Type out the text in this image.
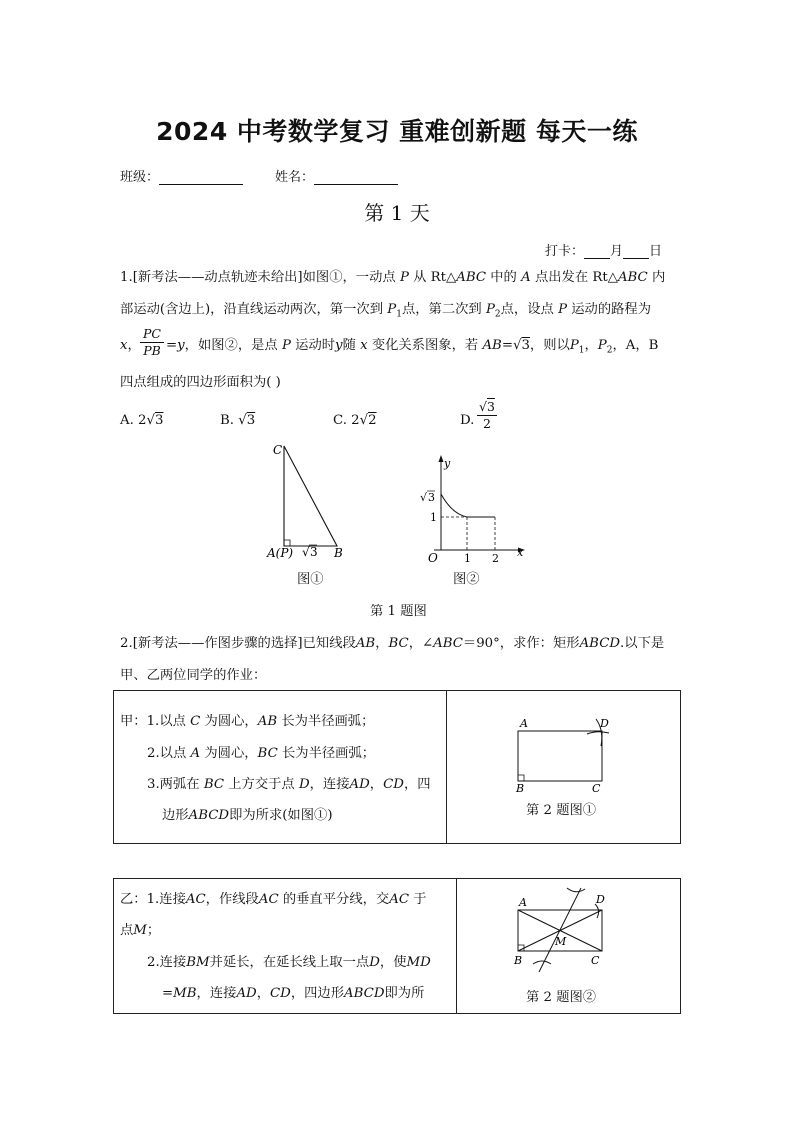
2024 中考数学复习 重难创新题 每天一练
班级：	姓名：
第 1 天
打卡： 月 日
1.[新考法——动点轨迹未给出]如图①，一动点 P 从 Rt△ABC 中的 A 点出发在 Rt△ABC 内
部运动(含边上)，沿直线运动两次，第一次到 $P_1$点，第二次到 $P_2$点，设点 P 运动的路程为
x，
PC
PB =y，如图②，是点 P 运动时y随 x 变化关系图象，若 AB=√3，则以$P_1$，$P_2$，A，B
四点组成的四边形面积为( )
A. 2√3	B. √3	C. 2√2	D.
√3
2
C
A(P)	B
√ 3
图①
y
x
O
√ 3
1
1 2
图②
第 1 题图
2.[新考法——作图步骤的选择]已知线段AB，BC，∠ABC＝90°，求作：矩形ABCD.以下是
甲、乙两位同学的作业：
甲：1.以点 C 为圆心，AB 长为半径画弧；
2.以点 A 为圆心，BC 长为半径画弧；
3.两弧在 BC 上方交于点 D，连接AD，CD，四
边形ABCD即为所求(如图①)
A
B	C
D
第 2 题图①
乙：1.连接AC，作线段AC 的垂直平分线，交AC 于
点M；
2.连接BM并延长，在延长线上取一点D，使MD
=MB，连接AD，CD，四边形ABCD即为所
A
B	C
D
M
第 2 题图②
